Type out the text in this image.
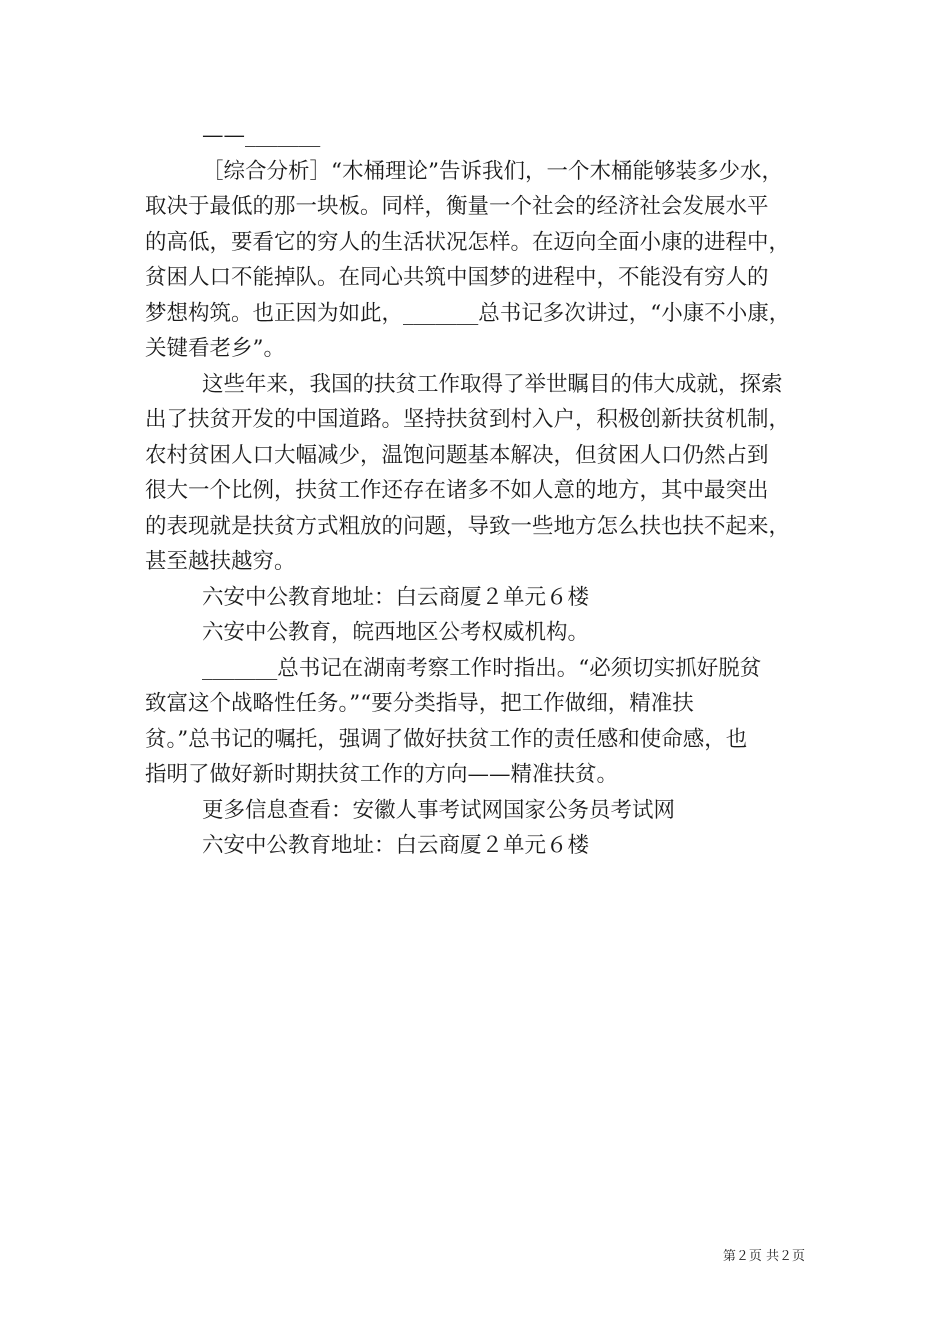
——_______
［综合分析］“木桶理论”告诉我们，一个木桶能够装多少水，
取决于最低的那一块板。同样，衡量一个社会的经济社会发展水平
的高低，要看它的穷人的生活状况怎样。在迈向全面小康的进程中，
贫困人口不能掉队。在同心共筑中国梦的进程中，不能没有穷人的
梦想构筑。也正因为如此，_______总书记多次讲过，“小康不小康，
关键看老乡”。
这些年来，我国的扶贫工作取得了举世瞩目的伟大成就，探索
出了扶贫开发的中国道路。坚持扶贫到村入户，积极创新扶贫机制，
农村贫困人口大幅减少，温饱问题基本解决，但贫困人口仍然占到
很大一个比例，扶贫工作还存在诸多不如人意的地方，其中最突出
的表现就是扶贫方式粗放的问题，导致一些地方怎么扶也扶不起来，
甚至越扶越穷。
六安中公教育地址：白云商厦２单元６楼
六安中公教育，皖西地区公考权威机构。
_______总书记在湖南考察工作时指出。“必须切实抓好脱贫
致富这个战略性任务。”“要分类指导，把工作做细，精准扶
贫。”总书记的嘱托，强调了做好扶贫工作的责任感和使命感，也
指明了做好新时期扶贫工作的方向——精准扶贫。
更多信息查看：安徽人事考试网国家公务员考试网
六安中公教育地址：白云商厦２单元６楼
第２页 共２页
